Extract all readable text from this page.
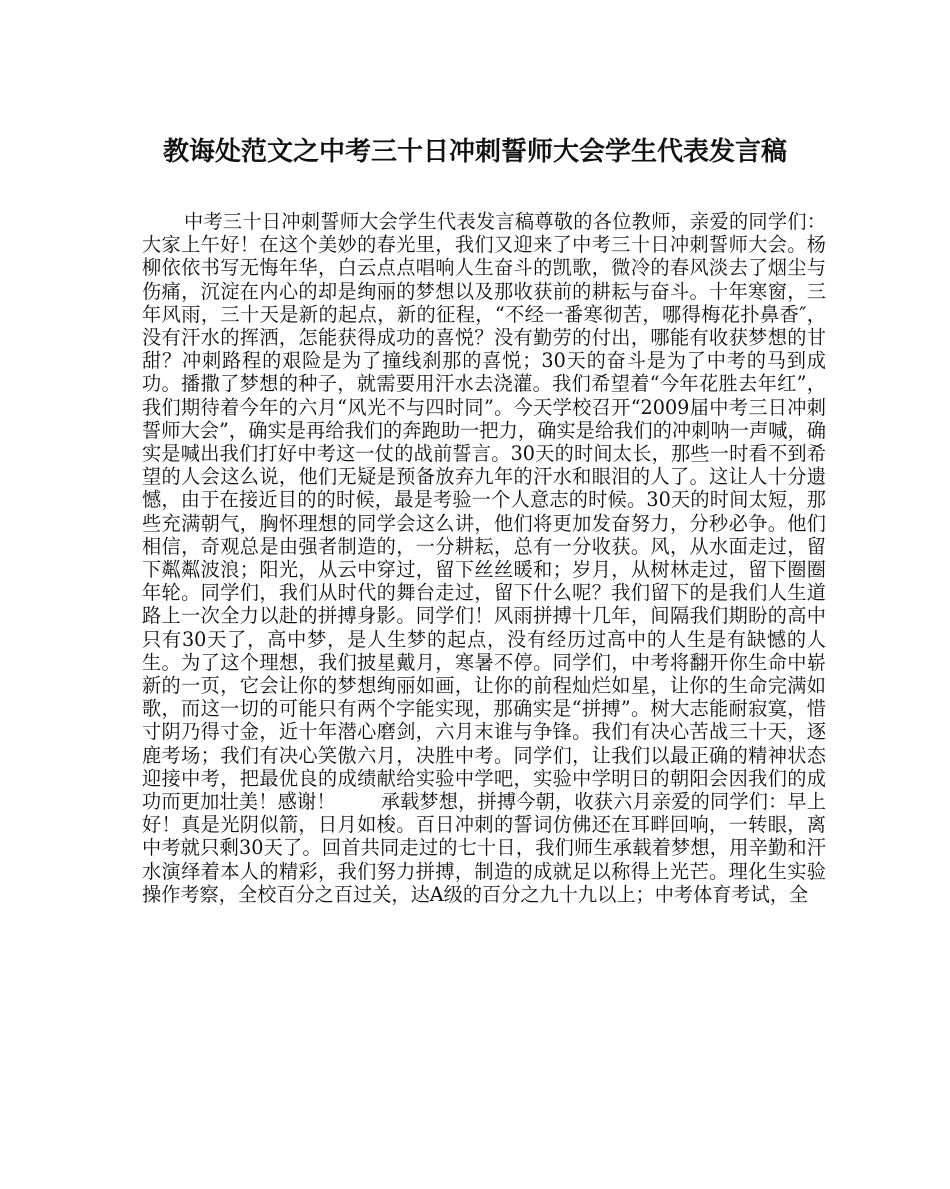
教诲处范文之中考三十日冲刺誓师大会学生代表发言稿

中考三十日冲刺誓师大会学生代表发言稿尊敬的各位教师，亲爱的同学们：大家上午好！在这个美妙的春光里，我们又迎来了中考三十日冲刺誓师大会。杨柳依依书写无悔年华，白云点点唱响人生奋斗的凯歌，微冷的春风淡去了烟尘与伤痛，沉淀在内心的却是绚丽的梦想以及那收获前的耕耘与奋斗。十年寒窗，三年风雨，三十天是新的起点，新的征程，“不经一番寒彻苦，哪得梅花扑鼻香″，没有汗水的挥洒，怎能获得成功的喜悦？没有勤劳的付出，哪能有收获梦想的甘甜？冲刺路程的艰险是为了撞线刹那的喜悦；30天的奋斗是为了中考的马到成功。播撒了梦想的种子，就需要用汗水去浇灌。我们希望着“今年花胜去年红”，我们期待着今年的六月“风光不与四时同”。今天学校召开“2009届中考三日冲刺誓师大会”，确实是再给我们的奔跑助一把力，确实是给我们的冲刺呐一声喊，确实是喊出我们打好中考这一仗的战前誓言。30天的时间太长，那些一时看不到希望的人会这么说，他们无疑是预备放弃九年的汗水和眼泪的人了。这让人十分遗憾，由于在接近目的的时候，最是考验一个人意志的时候。30天的时间太短，那些充满朝气，胸怀理想的同学会这么讲，他们将更加发奋努力，分秒必争。他们相信，奇观总是由强者制造的，一分耕耘，总有一分收获。风，从水面走过，留下粼粼波浪；阳光，从云中穿过，留下丝丝暖和；岁月，从树林走过，留下圈圈年轮。同学们，我们从时代的舞台走过，留下什么呢？我们留下的是我们人生道路上一次全力以赴的拼搏身影。同学们！风雨拼搏十几年，间隔我们期盼的高中只有30天了，高中梦，是人生梦的起点，没有经历过高中的人生是有缺憾的人生。为了这个理想，我们披星戴月，寒暑不停。同学们，中考将翻开你生命中崭新的一页，它会让你的梦想绚丽如画，让你的前程灿烂如星，让你的生命完满如歌，而这一切的可能只有两个字能实现，那确实是“拼搏”。树大志能耐寂寞，惜寸阴乃得寸金，近十年潜心磨剑，六月末谁与争锋。我们有决心苦战三十天，逐鹿考场；我们有决心笑傲六月，决胜中考。同学们，让我们以最正确的精神状态迎接中考，把最优良的成绩献给实验中学吧，实验中学明日的朝阳会因我们的成功而更加壮美！感谢！　　 承载梦想，拼搏今朝，收获六月亲爱的同学们：早上好！真是光阴似箭，日月如梭。百日冲刺的誓词仿佛还在耳畔回响，一转眼，离中考就只剩30天了。回首共同走过的七十日，我们师生承载着梦想，用辛勤和汗水演绎着本人的精彩，我们努力拼搏，制造的成就足以称得上光芒。理化生实验操作考察，全校百分之百过关，达A级的百分之九十九以上；中考体育考试，全
